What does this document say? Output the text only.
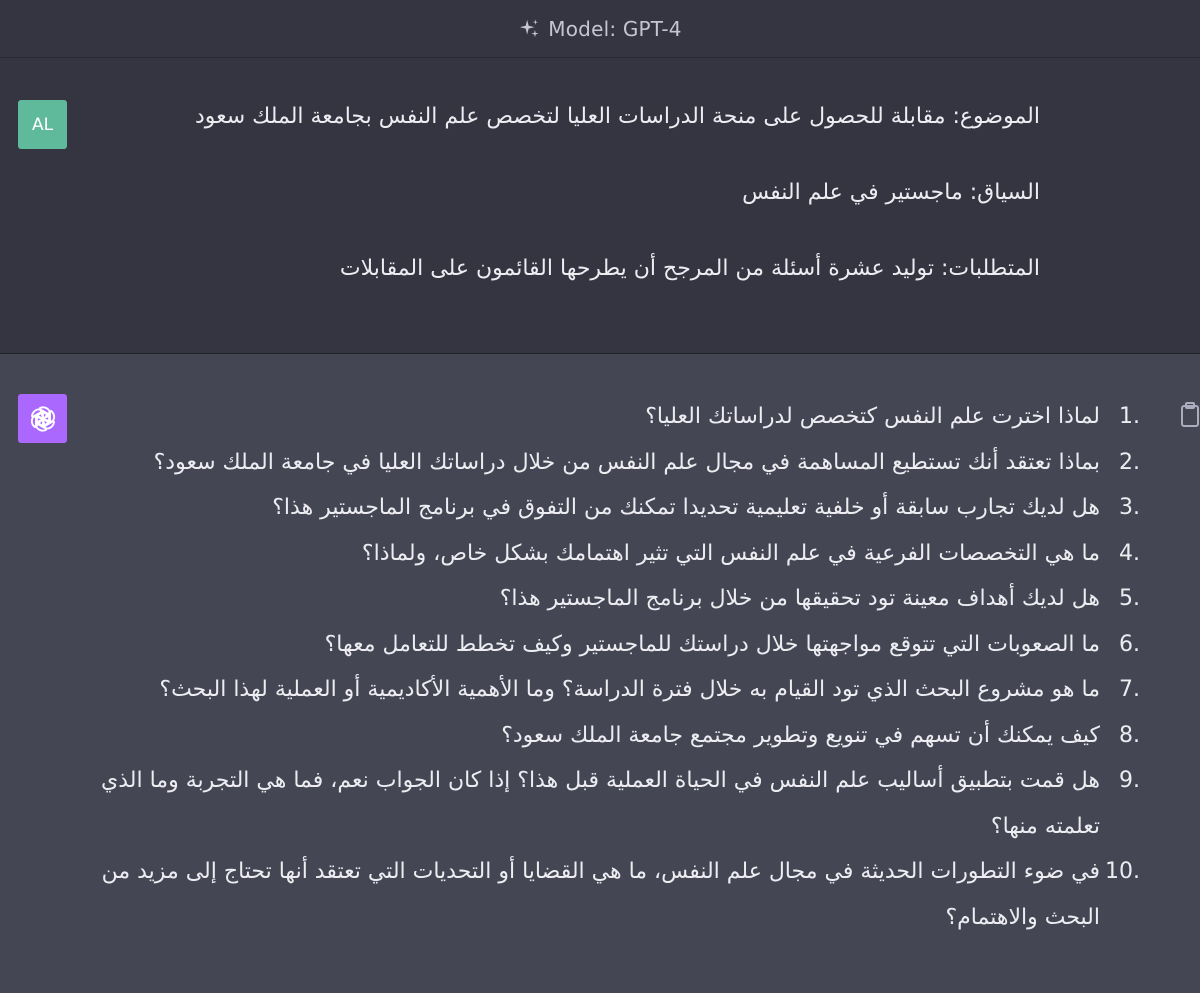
Model: GPT-4
AL	الموضوع: مقابلة للحصول على منحة الدراسات العليا لتخصص علم النفس بجامعة الملك سعود

السياق: ماجستير في علم النفس

المتطلبات: توليد عشرة أسئلة من المرجح أن يطرحها القائمون على المقابلات

لماذا اخترت علم النفس كتخصص لدراساتك العليا؟ 1.
بماذا تعتقد أنك تستطيع المساهمة في مجال علم النفس من خلال دراساتك العليا في جامعة الملك سعود؟ 2.
هل لديك تجارب سابقة أو خلفية تعليمية تحديدا تمكنك من التفوق في برنامج الماجستير هذا؟ 3.
ما هي التخصصات الفرعية في علم النفس التي تثير اهتمامك بشكل خاص، ولماذا؟ 4.
هل لديك أهداف معينة تود تحقيقها من خلال برنامج الماجستير هذا؟ 5.
ما الصعوبات التي تتوقع مواجهتها خلال دراستك للماجستير وكيف تخطط للتعامل معها؟ 6.
ما هو مشروع البحث الذي تود القيام به خلال فترة الدراسة؟ وما الأهمية الأكاديمية أو العملية لهذا البحث؟ 7.
كيف يمكنك أن تسهم في تنويع وتطوير مجتمع جامعة الملك سعود؟ 8.
هل قمت بتطبيق أساليب علم النفس في الحياة العملية قبل هذا؟ إذا كان الجواب نعم، فما هي التجربة وما الذي تعلمته منها؟
9.
في ضوء التطورات الحديثة في مجال علم النفس، ما هي القضايا أو التحديات التي تعتقد أنها تحتاج إلى مزيد من البحث والاهتمام؟
10.
